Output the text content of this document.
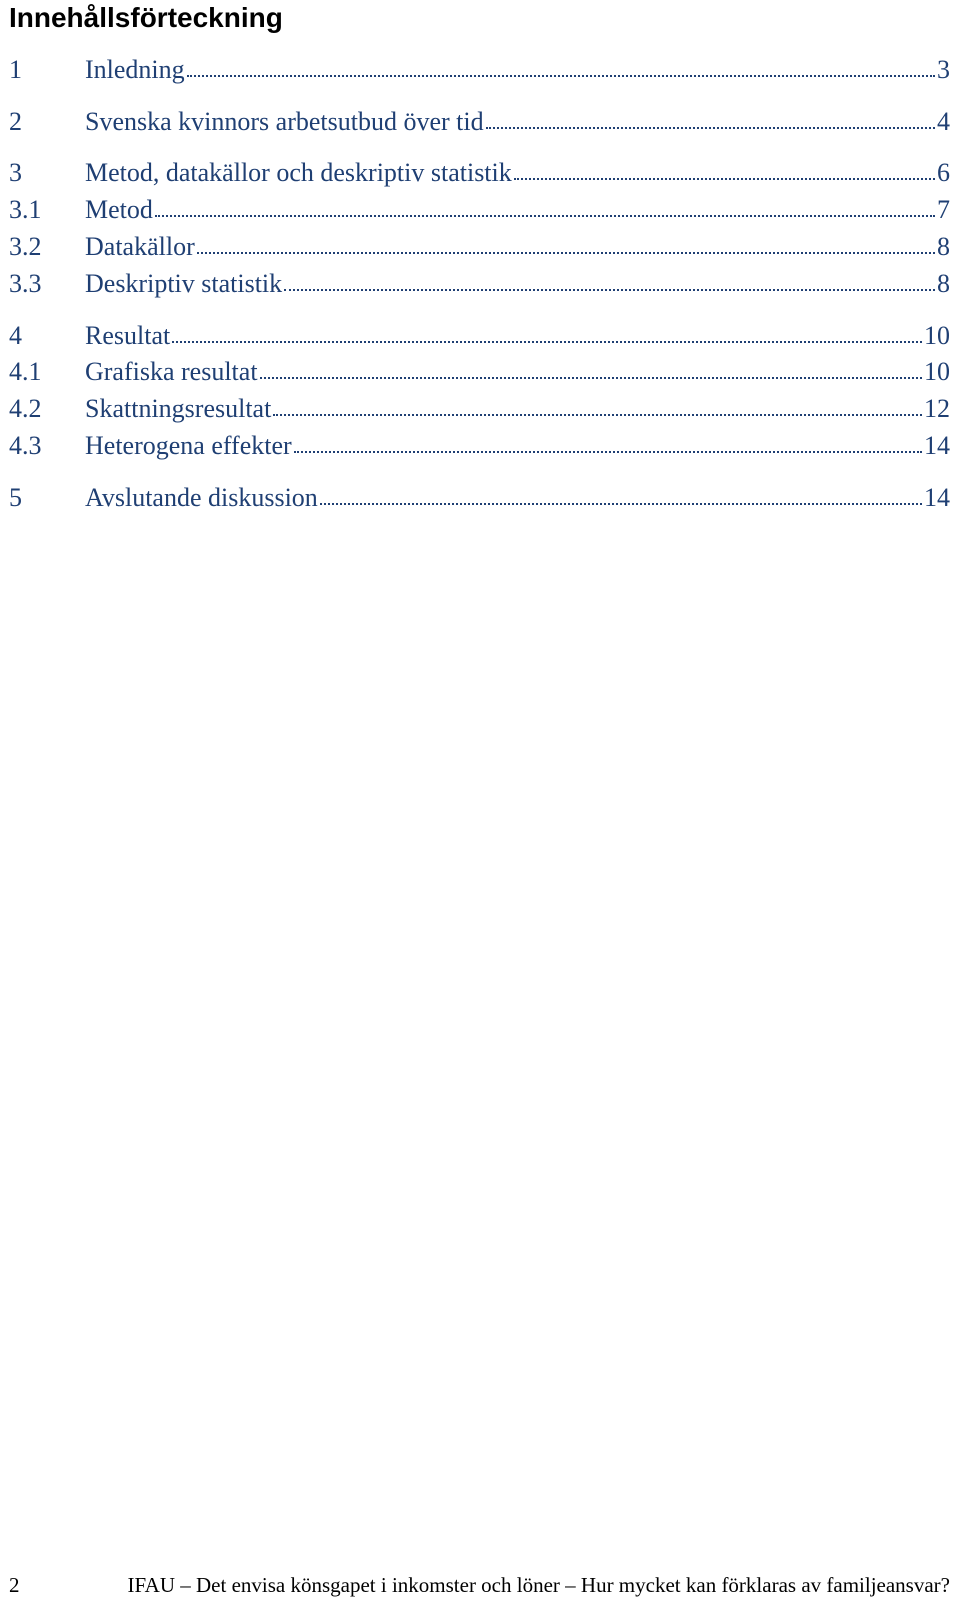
Innehållsförteckning
1	Inledning	3
2	Svenska kvinnors arbetsutbud över tid	4
3	Metod, datakällor och deskriptiv statistik	6
3.1	Metod	7
3.2	Datakällor	8
3.3	Deskriptiv statistik	8
4	Resultat	10
4.1	Grafiska resultat	10
4.2	Skattningsresultat	12
4.3	Heterogena effekter	14
5	Avslutande diskussion	14
2	IFAU – Det envisa könsgapet i inkomster och löner – Hur mycket kan förklaras av familjeansvar?
